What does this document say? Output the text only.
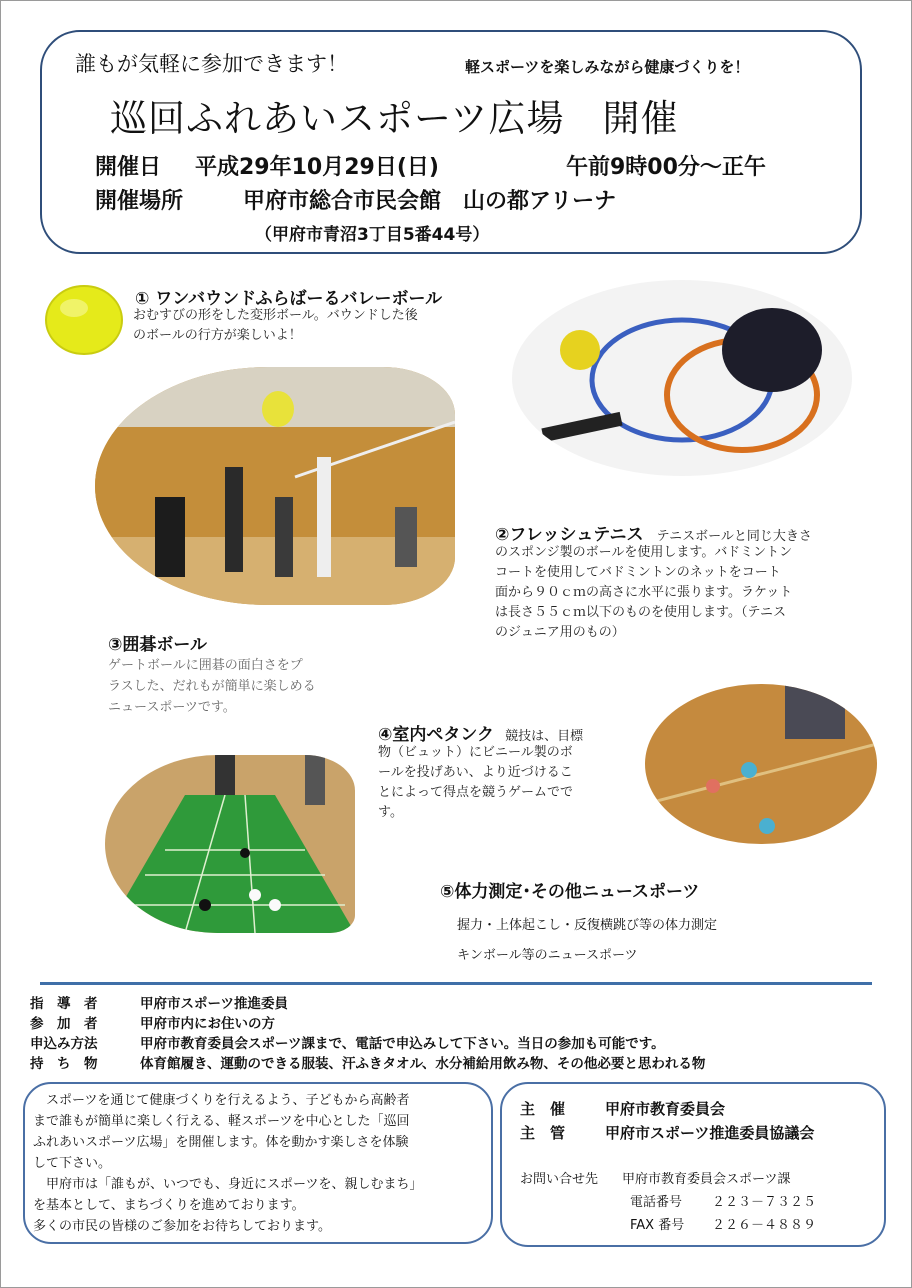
誰もが気軽に参加できます！	軽スポーツを楽しみながら健康づくりを！
巡回ふれあいスポーツ広場　開催
開催日 平成29年10月29日(日)	午前9時00分～正午
開催場所	甲府市総合市民会館　山の都アリーナ
（甲府市青沼3丁目5番44号）
① ワンバウンドふらばーるバレーボール
おむすびの形をした変形ボール。バウンドした後
のボールの行方が楽しいよ！
②フレッシュテニス テニスボールと同じ大きさ
のスポンジ製のボールを使用します。バドミントン
コートを使用してバドミントンのネットをコート
面から９０ｃｍの高さに水平に張ります。ラケット
は長さ５５ｃｍ以下のものを使用します。（テニス
のジュニア用のもの）
③囲碁ボール
ゲートボールに囲碁の面白さをプ
ラスした、だれもが簡単に楽しめる
ニュースポーツです。
④室内ペタンク 競技は、目標
物（ビュット）にビニール製のボ
ールを投げあい、より近づけるこ
とによって得点を競うゲームでで
す。
⑤体力測定･その他ニュースポーツ
握力・上体起こし・反復横跳び等の体力測定
キンボール等のニュースポーツ
指　導　者	甲府市スポーツ推進委員
参　加　者	甲府市内にお住いの方
申込み方法	甲府市教育委員会スポーツ課まで、電話で申込みして下さい。当日の参加も可能です。
持　ち　物	体育館履き、運動のできる服装、汗ふきタオル、水分補給用飲み物、その他必要と思われる物
　スポーツを通じて健康づくりを行えるよう、子どもから高齢者
まで誰もが簡単に楽しく行える、軽スポーツを中心とした「巡回
ふれあいスポーツ広場」を開催します。体を動かす楽しさを体験
して下さい。
　甲府市は「誰もが、いつでも、身近にスポーツを、親しむまち」
を基本として、まちづくりを進めております。
多くの市民の皆様のご参加をお待ちしております。
主　催	甲府市教育委員会
主　管	甲府市スポーツ推進委員協議会
お問い合せ先 甲府市教育委員会スポーツ課
電話番号 ２２３－７３２５
FAX 番号 ２２６－４８８９
